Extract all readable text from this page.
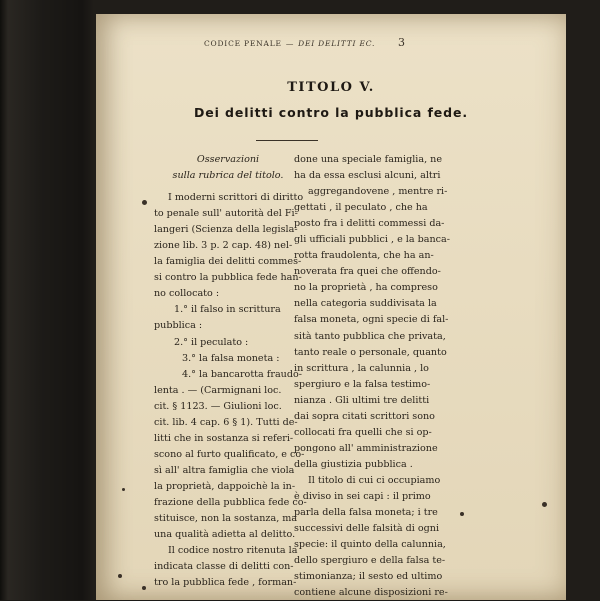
CODICE PENALE — DEI DELITTI EC. 3
TITOLO V.
Dei delitti contro la pubblica fede.
Osservazioni
sulla rubrica del titolo.
I moderni scrittori di diritto
to penale sull' autorità del Fi-
langeri (Scienza della legisla-
zione lib. 3 p. 2 cap. 48) nel-
la famiglia dei delitti commes-
si contro la pubblica fede han-
no collocato :
1.° il falso in scrittura
pubblica :
2.° il peculato :
3.° la falsa moneta :
4.° la bancarotta fraudo-
lenta . — (Carmignani loc.
cit. § 1123. — Giulioni loc.
cit. lib. 4 cap. 6 § 1). Tutti de-
litti che in sostanza si referi-
scono al furto qualificato, e co-
sì all' altra famiglia che viola
la proprietà, dappoichè la in-
frazione della pubblica fede co-
stituisce, non la sostanza, ma
una qualità adietta al delitto.
Il codice nostro ritenuta la
indicata classe di delitti con-
tro la pubblica fede , forman-
done una speciale famiglia, ne
ha da essa esclusi alcuni, altri
aggregandovene , mentre ri-
gettati , il peculato , che ha
posto fra i delitti commessi da-
gli ufficiali pubblici , e la banca-
rotta fraudolenta, che ha an-
noverata fra quei che offendo-
no la proprietà , ha compreso
nella categoria suddivisata la
falsa moneta, ogni specie di fal-
sità tanto pubblica che privata,
tanto reale o personale, quanto
in scrittura , la calunnia , lo
spergiuro e la falsa testimo-
nianza . Gli ultimi tre delitti
dai sopra citati scrittori sono
collocati fra quelli che si op-
pongono all' amministrazione
della giustizia pubblica .
Il titolo di cui ci occupiamo
è diviso in sei capi : il primo
parla della falsa moneta; i tre
successivi delle falsità di ogni
specie: il quinto della calunnia,
dello spergiuro e della falsa te-
stimonianza; il sesto ed ultimo
contiene alcune disposizioni re-
